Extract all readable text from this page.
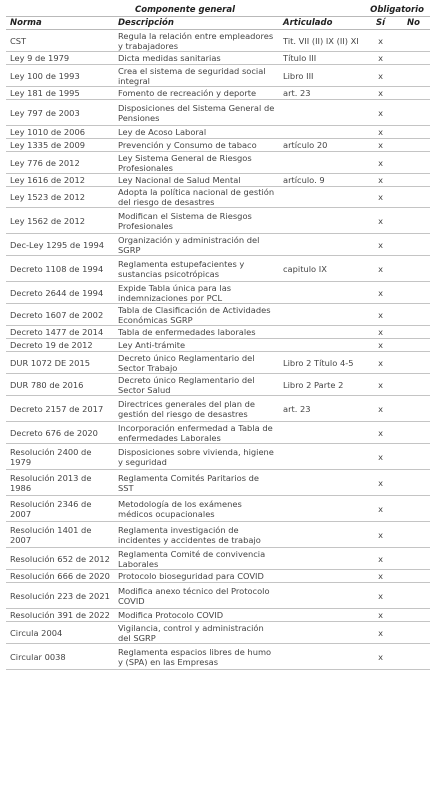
Componente general			Obligatorio	
Norma	Descripción	Articulado	Sí	No
CST	Regula la relación entre empleadores y trabajadores	Tit. VII (II) IX (II) XI	x	
Ley 9 de 1979	Dicta medidas sanitarias	Título III	x	
Ley 100 de 1993	Crea el sistema de seguridad social integral	Libro III	x	
Ley 181 de 1995	Fomento de recreación y deporte	art. 23	x	
Ley 797 de 2003	Disposiciones del Sistema General de Pensiones		x	
Ley 1010 de 2006	Ley de Acoso Laboral		x	
Ley 1335 de 2009	Prevención y Consumo de tabaco	artículo 20	x	
Ley 776 de 2012	Ley Sistema General de Riesgos Profesionales		x	
Ley 1616 de 2012	Ley Nacional de Salud Mental	artículo. 9	x	
Ley 1523 de 2012	Adopta la política nacional de gestión del riesgo de desastres		x	
Ley 1562 de 2012	Modifican el Sistema de Riesgos Profesionales		x	
Dec-Ley 1295 de 1994	Organización y administración del SGRP		x	
Decreto 1108 de 1994	Reglamenta estupefacientes y sustancias psicotrópicas	capitulo IX	x	
Decreto 2644 de 1994	Expide Tabla única para las indemnizaciones por PCL		x	
Decreto 1607 de 2002	Tabla de Clasificación de Actividades Económicas SGRP		x	
Decreto 1477 de 2014	Tabla de enfermedades laborales		x	
Decreto 19 de 2012	Ley Anti-trámite		x	
DUR 1072 DE 2015	Decreto único Reglamentario del Sector Trabajo	Libro 2 Título 4-5	x	
DUR 780 de 2016	Decreto único Reglamentario del Sector Salud	Libro 2 Parte 2	x	
Decreto 2157 de 2017	Directrices generales del plan de gestión del riesgo de desastres	art. 23	x	
Decreto 676 de 2020	Incorporación enfermedad a Tabla de enfermedades Laborales		x	
Resolución 2400 de 1979	Disposiciones sobre vivienda, higiene y seguridad		x	
Resolución 2013 de 1986	Reglamenta Comités Paritarios de SST		x	
Resolución 2346 de 2007	Metodología de los exámenes médicos ocupacionales		x	
Resolución 1401 de 2007	Reglamenta investigación de incidentes y accidentes de trabajo		x	
Resolución 652 de 2012	Reglamenta Comité de convivencia Laborales		x	
Resolución 666 de 2020	Protocolo bioseguridad para COVID		x	
Resolución 223 de 2021	Modifica anexo técnico del Protocolo COVID		x	
Resolución 391 de 2022	Modifica Protocolo COVID		x	
Circula 2004	Vigilancia, control y administración del SGRP		x	
Circular 0038	Reglamenta espacios libres de humo y (SPA) en las Empresas		x	
